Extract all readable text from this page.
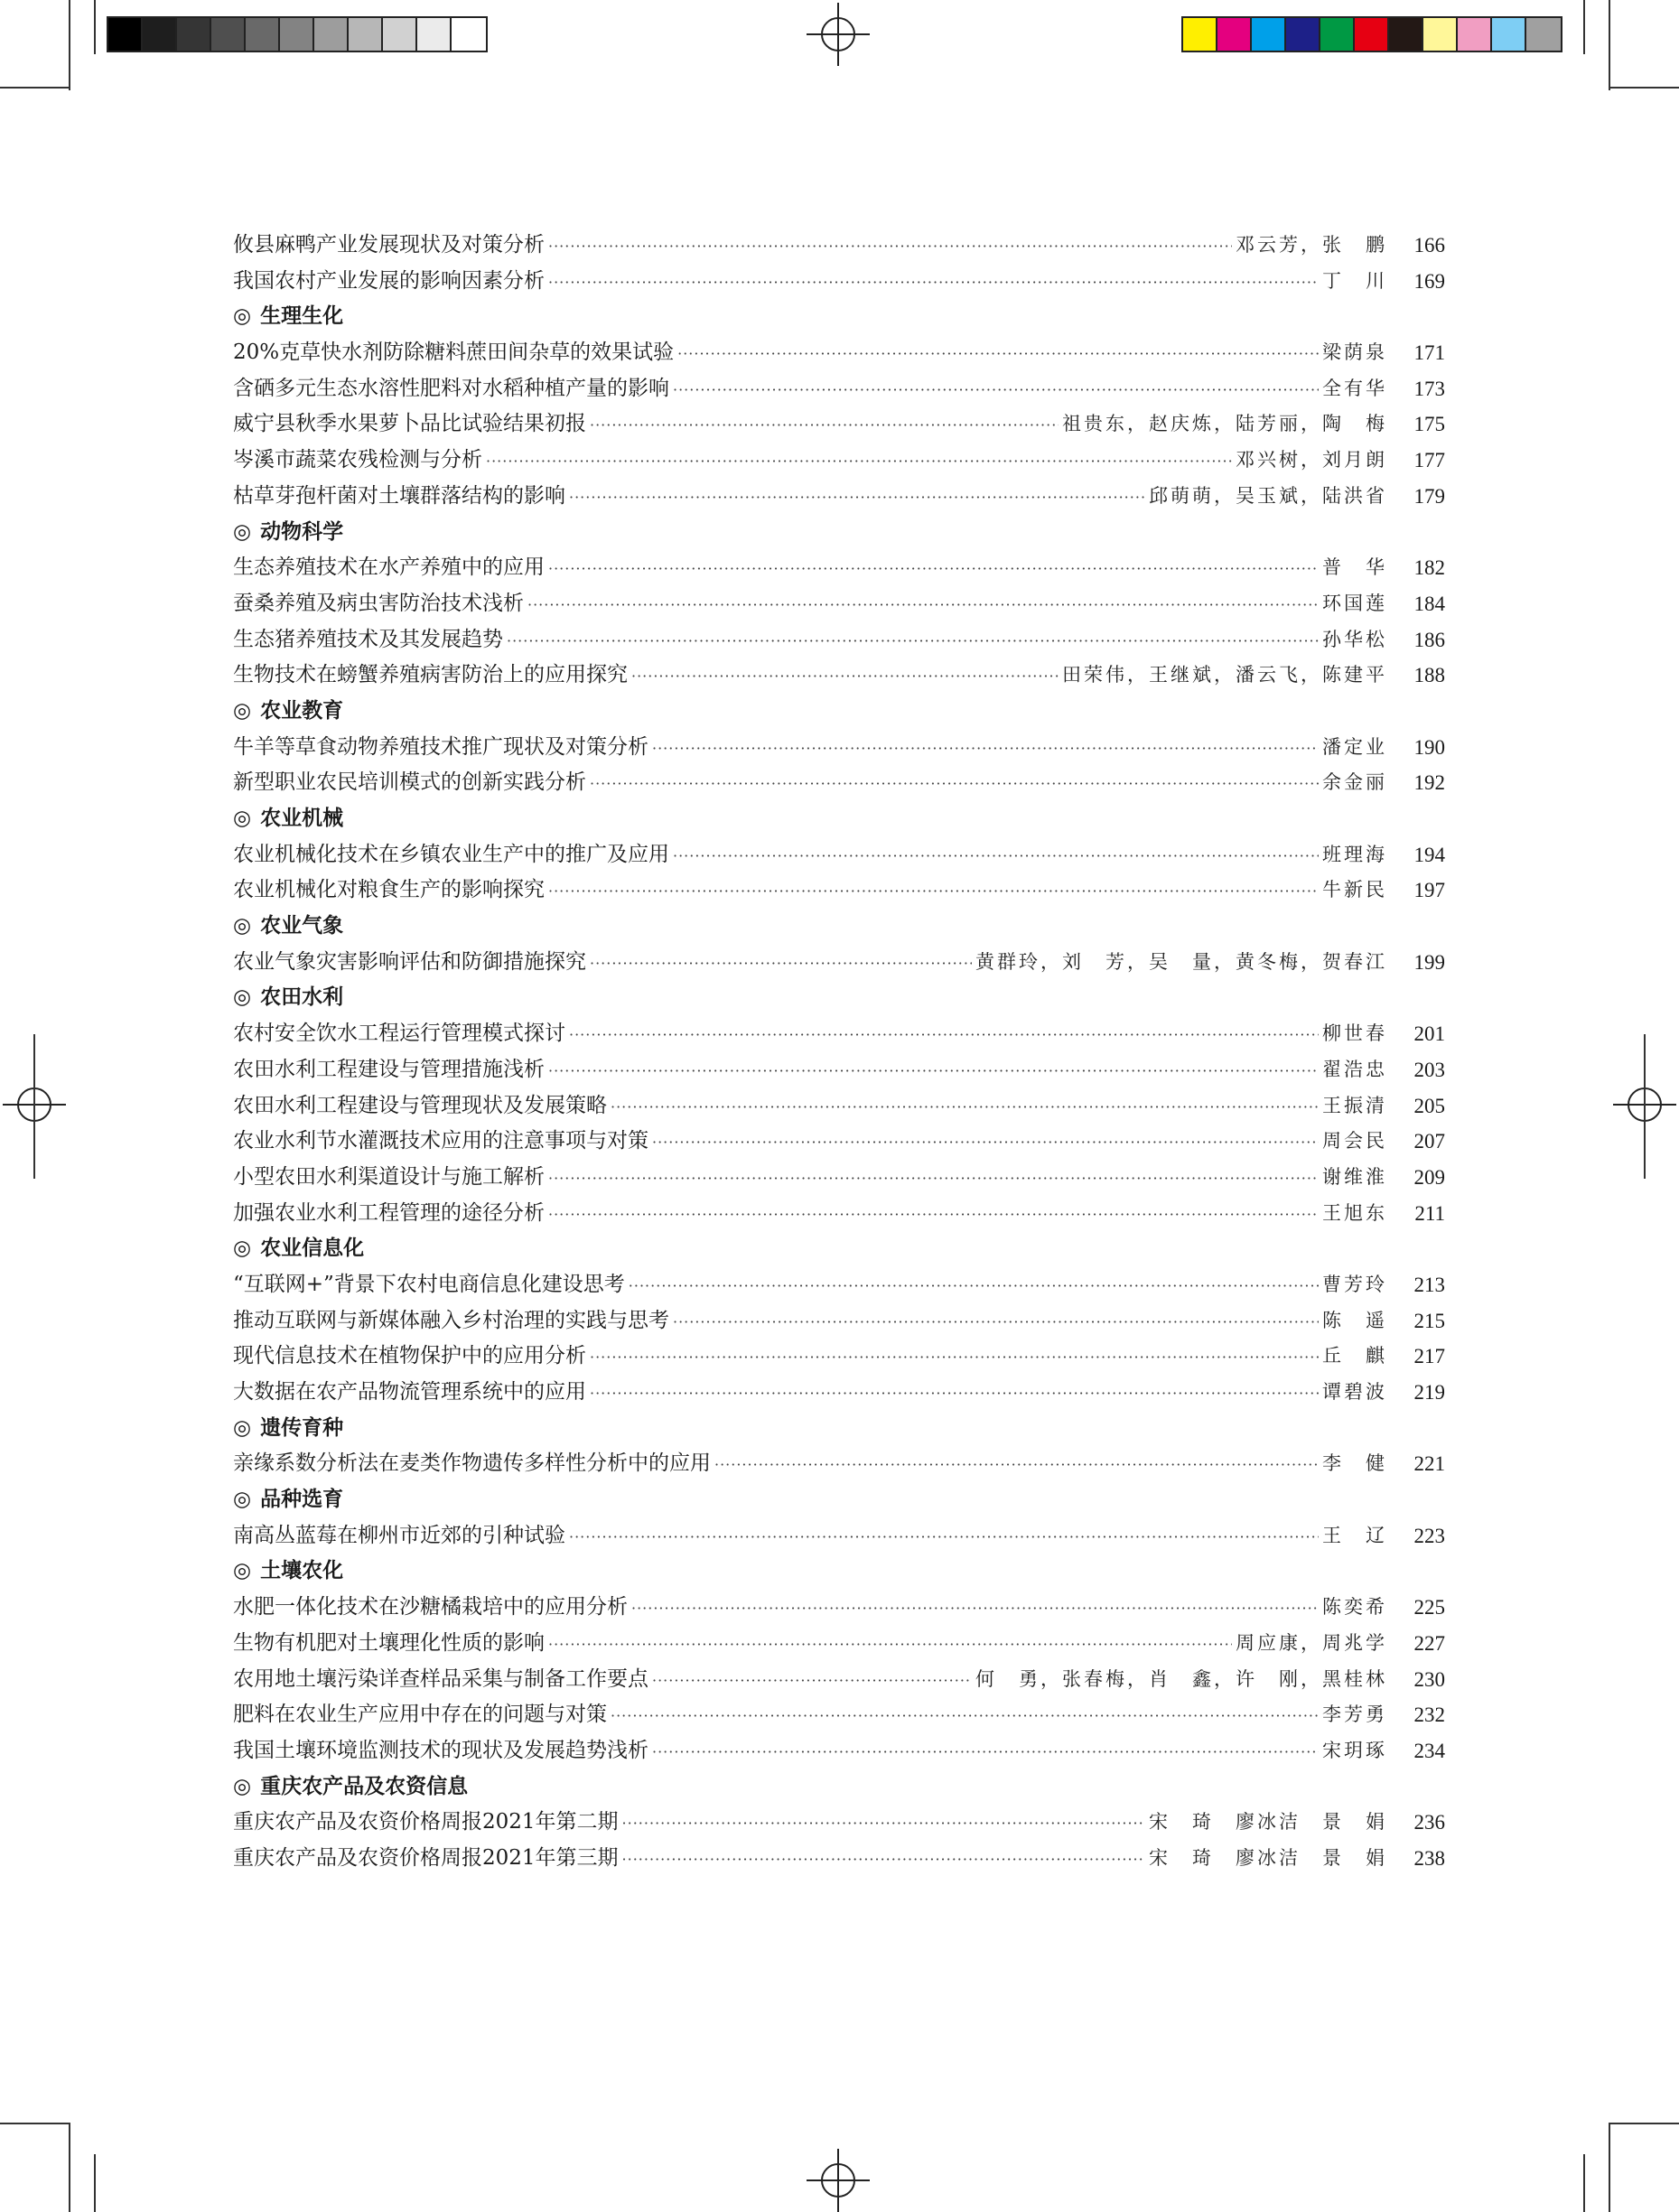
攸县麻鸭产业发展现状及对策分析 ·····	邓云芳，张　鹏	166
我国农村产业发展的影响因素分析 ·····	丁　川	169
◎ 生理生化
20%克草快水剂防除糖料蔗田间杂草的效果试验 ·····	梁荫泉	171
含硒多元生态水溶性肥料对水稻种植产量的影响 ·····	全有华	173
威宁县秋季水果萝卜品比试验结果初报 ·····	祖贵东，赵庆炼，陆芳丽，陶　梅	175
岑溪市蔬菜农残检测与分析 ·····	邓兴树，刘月朗	177
枯草芽孢杆菌对土壤群落结构的影响 ·····	邱萌萌，吴玉斌，陆洪省	179
◎ 动物科学
生态养殖技术在水产养殖中的应用 ·····	普　华	182
蚕桑养殖及病虫害防治技术浅析 ·····	环国莲	184
生态猪养殖技术及其发展趋势 ·····	孙华松	186
生物技术在螃蟹养殖病害防治上的应用探究 ·····	田荣伟，王继斌，潘云飞，陈建平	188
◎ 农业教育
牛羊等草食动物养殖技术推广现状及对策分析 ·····	潘定业	190
新型职业农民培训模式的创新实践分析 ·····	余金丽	192
◎ 农业机械
农业机械化技术在乡镇农业生产中的推广及应用 ·····	班理海	194
农业机械化对粮食生产的影响探究 ·····	牛新民	197
◎ 农业气象
农业气象灾害影响评估和防御措施探究 ·····	黄群玲，刘　芳，吴　量，黄冬梅，贺春江	199
◎ 农田水利
农村安全饮水工程运行管理模式探讨 ·····	柳世春	201
农田水利工程建设与管理措施浅析 ·····	翟浩忠	203
农田水利工程建设与管理现状及发展策略 ·····	王振清	205
农业水利节水灌溉技术应用的注意事项与对策 ·····	周会民	207
小型农田水利渠道设计与施工解析 ·····	谢维淮	209
加强农业水利工程管理的途径分析 ·····	王旭东	211
◎ 农业信息化
“互联网+”背景下农村电商信息化建设思考 ·····	曹芳玲	213
推动互联网与新媒体融入乡村治理的实践与思考 ·····	陈　遥	215
现代信息技术在植物保护中的应用分析 ·····	丘　麒	217
大数据在农产品物流管理系统中的应用 ·····	谭碧波	219
◎ 遗传育种
亲缘系数分析法在麦类作物遗传多样性分析中的应用 ·····	李　健	221
◎ 品种选育
南高丛蓝莓在柳州市近郊的引种试验 ·····	王　辽	223
◎ 土壤农化
水肥一体化技术在沙糖橘栽培中的应用分析 ·····	陈奕希	225
生物有机肥对土壤理化性质的影响 ·····	周应康，周兆学	227
农用地土壤污染详查样品采集与制备工作要点 ·····	何　勇，张春梅，肖　鑫，许　刚，黑桂林	230
肥料在农业生产应用中存在的问题与对策 ·····	李芳勇	232
我国土壤环境监测技术的现状及发展趋势浅析 ·····	宋玥琢	234
◎ 重庆农产品及农资信息
重庆农产品及农资价格周报2021年第二期 ·····	宋　琦　廖冰洁　景　娟	236
重庆农产品及农资价格周报2021年第三期 ·····	宋　琦　廖冰洁　景　娟	238
